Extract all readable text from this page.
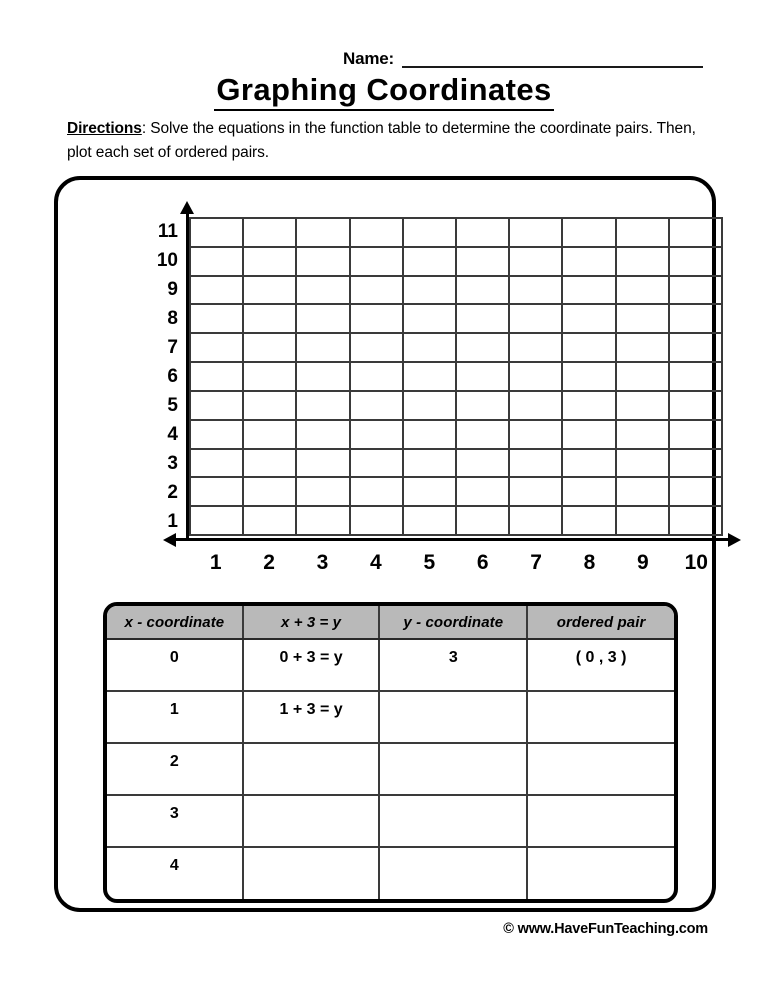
Name:
Graphing Coordinates
Directions: Solve the equations in the function table to determine the coordinate pairs. Then, plot each set of ordered pairs.
11
10
9
8
7
6
5
4
3
2
1
1	2	3	4	5	6	7	8	9	10
x - coordinate	x + 3 = y	y - coordinate	ordered pair
0	0 + 3 = y	3	( 0 , 3 )
1	1 + 3 = y		
2			
3			
4			
© www.HaveFunTeaching.com
